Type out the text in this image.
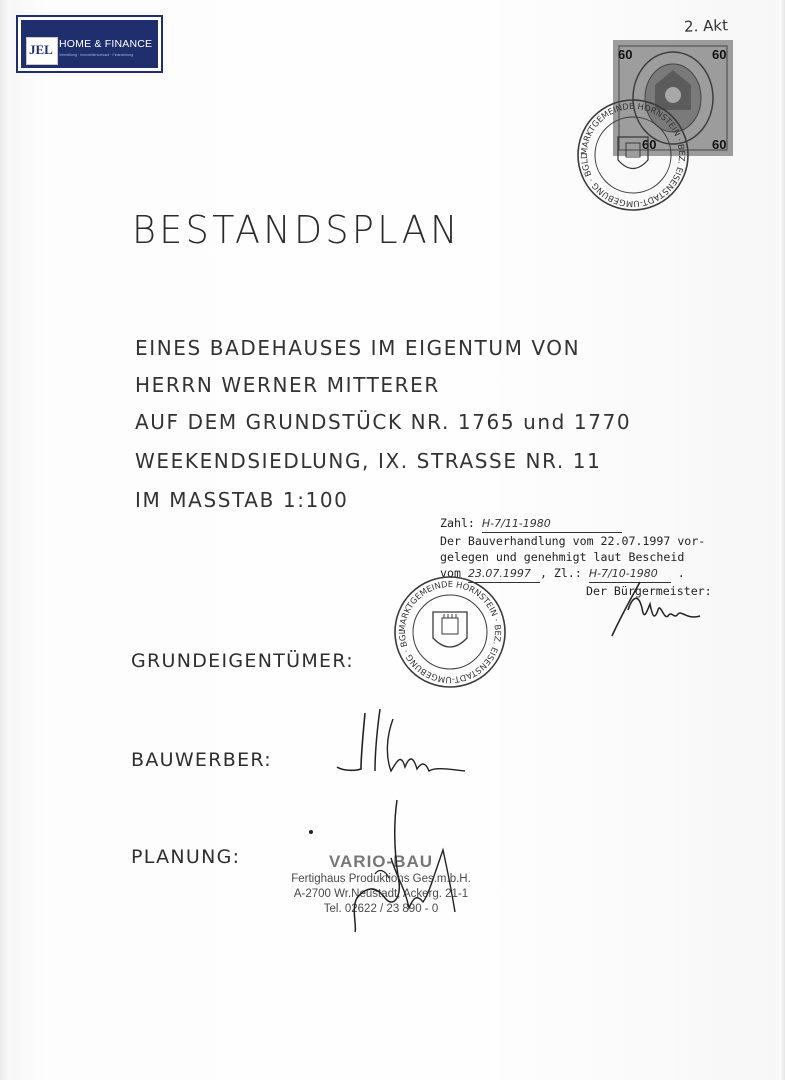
JEL HOME & FINANCE
Vermittlung · Immobilienverkauf · Finanzierung
2. Akt
60	60
60	60
MARKTGEMEINDE HORNSTEIN · BEZ. EISENSTADT-UMGEBUNG · BGLD.
BESTANDSPLAN
EINES BADEHAUSES IM EIGENTUM VON
HERRN WERNER MITTERER
AUF DEM GRUNDSTÜCK NR. 1765 und 1770
WEEKENDSIEDLUNG, IX. STRASSE NR. 11
IM MASSTAB 1:100
Zahl: H-7/11-1980
Der Bauverhandlung vom 22.07.1997 vor-
gelegen und genehmigt laut Bescheid
vom 23.07.1997 , Zl.: H-7/10-1980 .
Der Bürgermeister:
MARKTGEMEINDE HORNSTEIN · BEZ. EISENSTADT-UMGEBUNG · BGLD.
GRUNDEIGENTÜMER:
BAUWERBER:
PLANUNG:	VARIO-BAU
Fertighaus Produktions Ges.m.b.H.
A-2700 Wr.Neustadt, Ackerg. 21-1
Tel. 02622 / 23 890 - 0
